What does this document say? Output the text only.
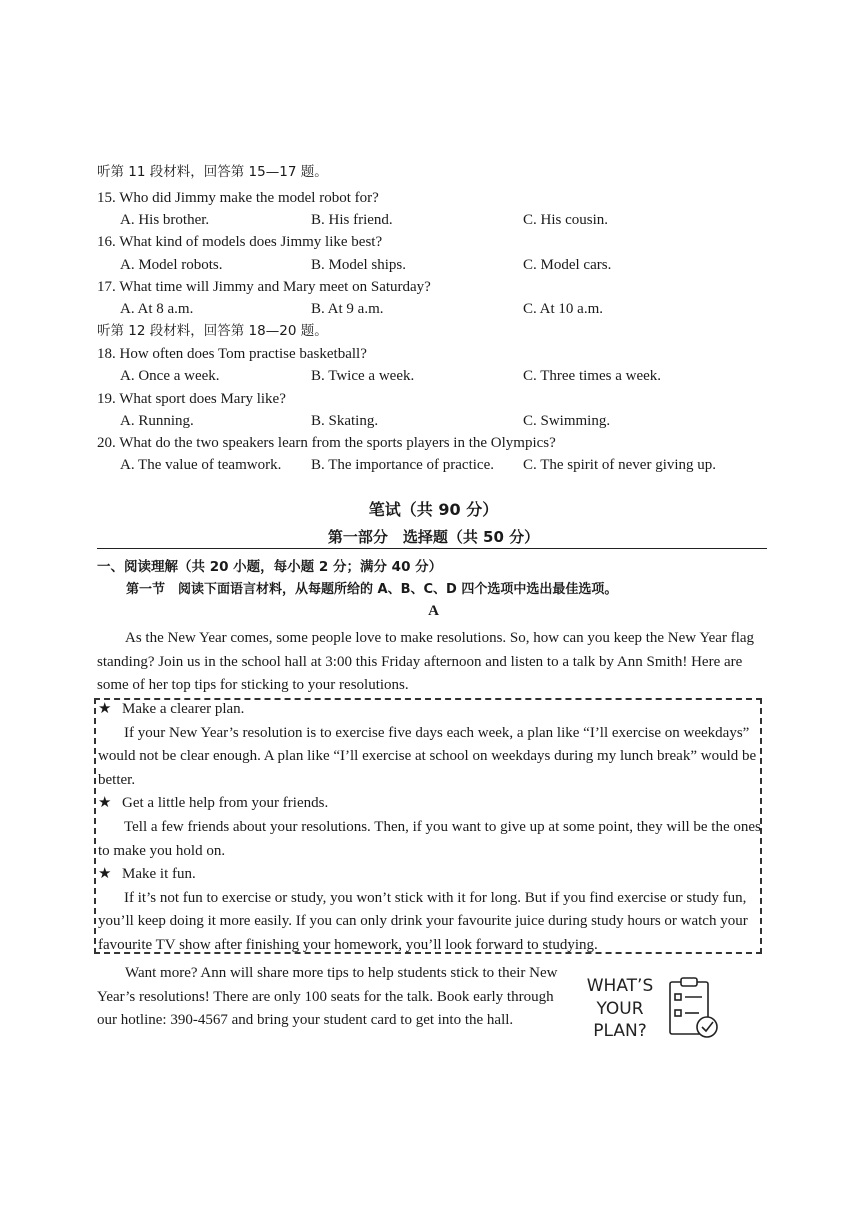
听第 11 段材料，回答第 15—17 题。
15. Who did Jimmy make the model robot for?
A. His brother.	B. His friend.	C. His cousin.
16. What kind of models does Jimmy like best?
A. Model robots.	B. Model ships.	C. Model cars.
17. What time will Jimmy and Mary meet on Saturday?
A. At 8 a.m.	B. At 9 a.m.	C. At 10 a.m.
听第 12 段材料，回答第 18—20 题。
18. How often does Tom practise basketball?
A. Once a week.	B. Twice a week.	C. Three times a week.
19. What sport does Mary like?
A. Running.	B. Skating.	C. Swimming.
20. What do the two speakers learn from the sports players in the Olympics?
A. The value of teamwork. B. The importance of practice. C. The spirit of never giving up.
笔试（共 90 分）
第一部分　选择题（共 50 分）
一、阅读理解（共 20 小题，每小题 2 分；满分 40 分）
第一节　阅读下面语言材料，从每题所给的 A、B、C、D 四个选项中选出最佳选项。
A

As the New Year comes, some people love to make resolutions. So, how can you keep the New Year flag standing? Join us in the school hall at 3:00 this Friday afternoon and listen to a talk by Ann Smith! Here are some of her top tips for sticking to your resolutions.

★ Make a clearer plan.

If your New Year’s resolution is to exercise five days each week, a plan like “I’ll exercise on weekdays” would not be clear enough. A plan like “I’ll exercise at school on weekdays during my lunch break” would be better.

★ Get a little help from your friends.

Tell a few friends about your resolutions. Then, if you want to give up at some point, they will be the ones to make you hold on.

★ Make it fun.

If it’s not fun to exercise or study, you won’t stick with it for long. But if you find exercise or study fun, you’ll keep doing it more easily. If you can only drink your favourite juice during study hours or watch your favourite TV show after finishing your homework, you’ll look forward to studying.

Want more? Ann will share more tips to help students stick to their New Year’s resolutions! There are only 100 seats for the talk. Book early through our hotline: 390-4567 and bring your student card to get into the hall.

WHAT’S
YOUR
PLAN?
